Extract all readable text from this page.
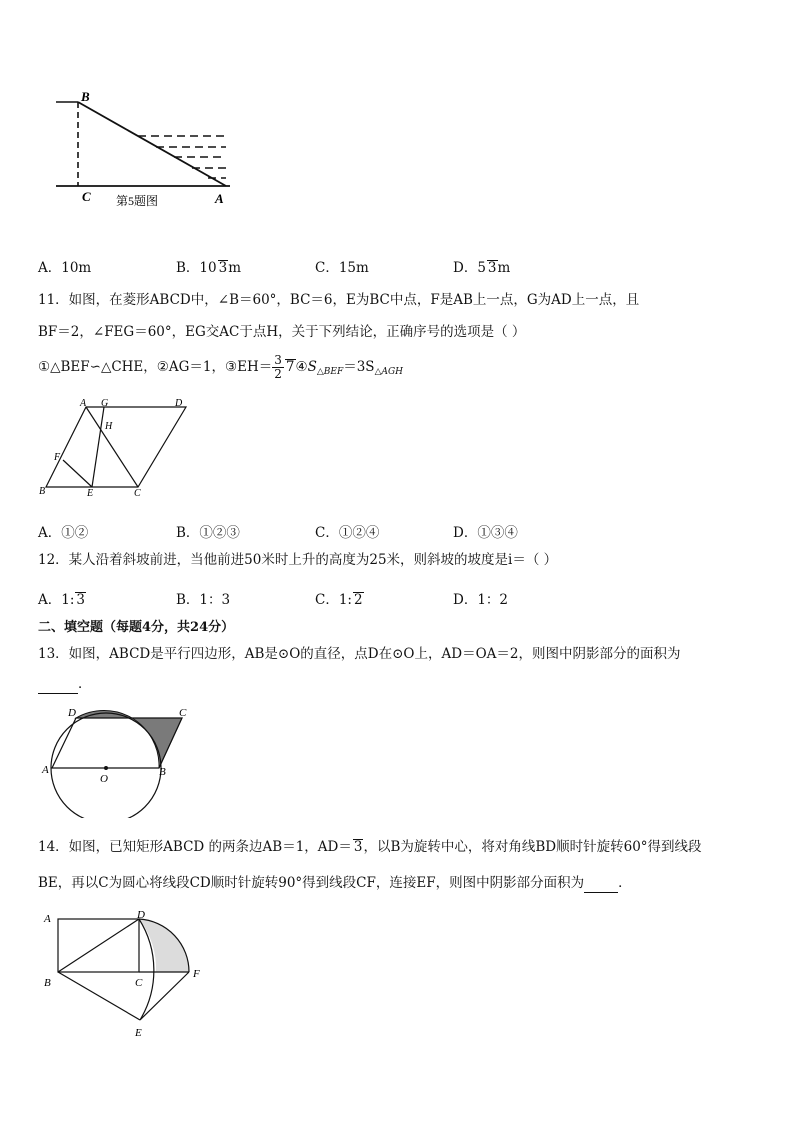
B
C	A
第5题图
A．10m	B．10 3m	C．15m	D．5 3m
11．如图，在菱形ABCD中，∠B＝60°，BC＝6，E为BC中点，F是AB上一点，G为AD上一点，且
BF＝2，∠FEG＝60°，EG交AC于点H，关于下列结论，正确序号的选项是（ ）
①△BEF∽△CHE，②AG＝1，③EH＝ $\frac{3}{2}$ $7④S_{\triangle BEF}=3S_{\triangle AGH}$
A G	D
H
F
B	E	C
A．①②	B．①②③	C．①②④	D．①③④
12．某人沿着斜坡前进，当他前进50米时上升的高度为25米，则斜坡的坡度是i＝（ ）
A．1: 3	B．1：3	C．1: 2	D．1：2
二、填空题（每题4分，共24分）
13．如图，ABCD是平行四边形，AB是⊙O的直径，点D在⊙O上，AD＝OA＝2，则图中阴影部分的面积为
．
D	C
A
O
B
14．如图，已知矩形ABCD 的两条边AB＝1，AD＝ 3，以B为旋转中心，将对角线BD顺时针旋转60°得到线段
BE，再以C为圆心将线段CD顺时针旋转90°得到线段CF，连接EF，则图中阴影部分面积为	．
A	D
B	C
F
E
